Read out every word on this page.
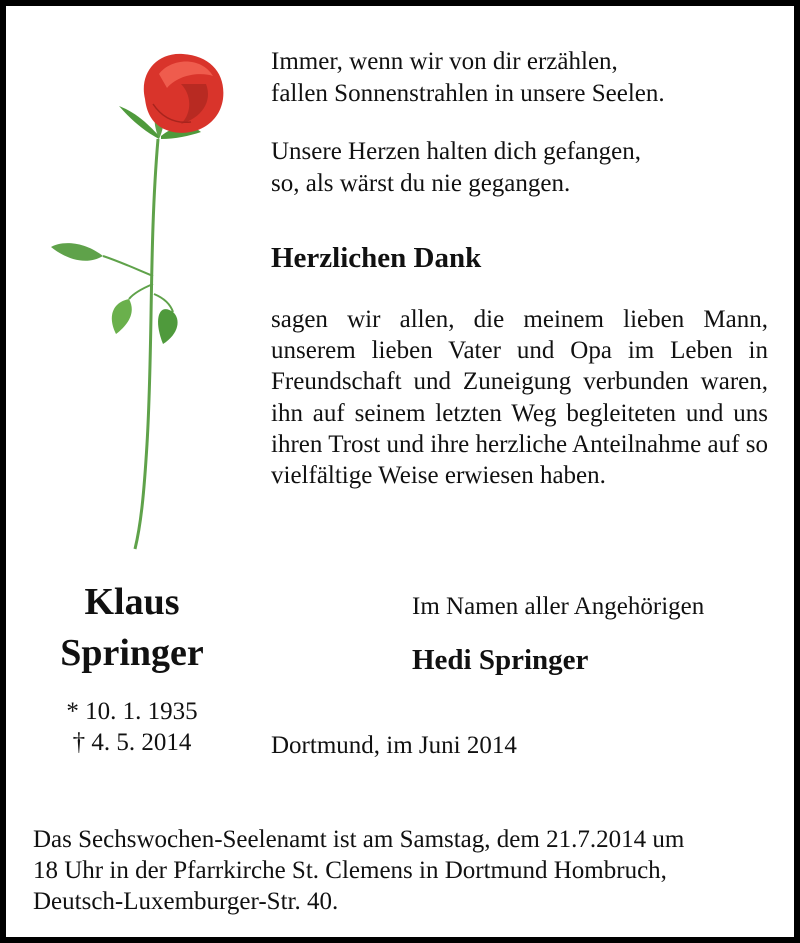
Immer, wenn wir von dir erzählen,
fallen Sonnenstrahlen in unsere Seelen.
Unsere Herzen halten dich gefangen,
so, als wärst du nie gegangen.
Herzlichen Dank
sagen wir allen, die meinem lieben Mann, unserem lieben Vater und Opa im Leben in Freundschaft und Zuneigung verbunden waren, ihn auf seinem letzten Weg begleiteten und uns ihren Trost und ihre herzliche Anteilnahme auf so vielfältige Weise erwiesen haben.
Klaus
Springer
* 10. 1. 1935
† 4. 5. 2014
Im Namen aller Angehörigen
Hedi Springer
Dortmund, im Juni 2014
Das Sechswochen-Seelenamt ist am Samstag, dem 21.7.2014 um
18 Uhr in der Pfarrkirche St. Clemens in Dortmund Hombruch,
Deutsch-Luxemburger-Str. 40.
